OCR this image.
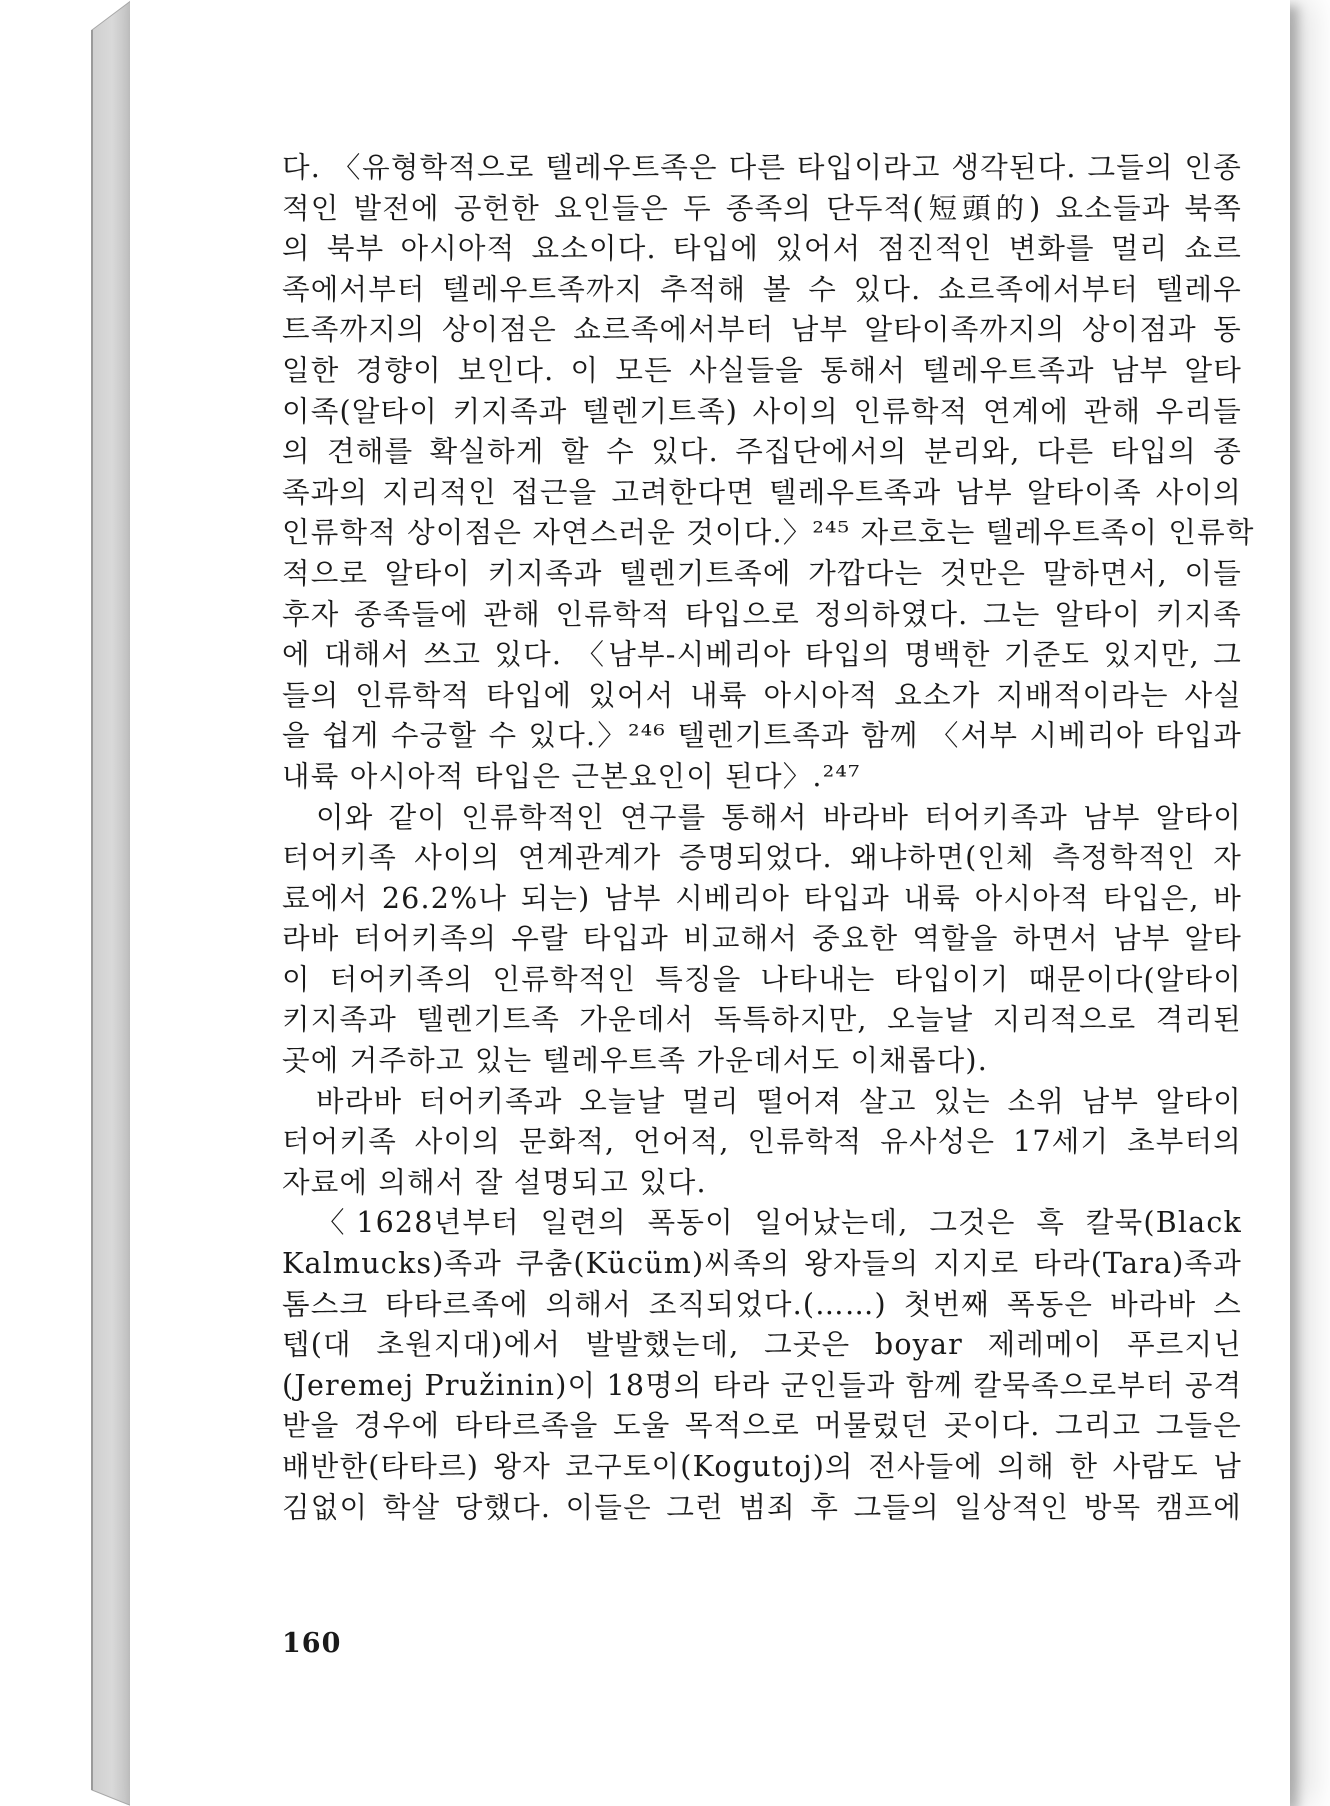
다. 〈유형학적으로 텔레우트족은 다른 타입이라고 생각된다. 그들의 인종
적인 발전에 공헌한 요인들은 두 종족의 단두적(短頭的) 요소들과 북쪽
의 북부 아시아적 요소이다. 타입에 있어서 점진적인 변화를 멀리 쇼르
족에서부터 텔레우트족까지 추적해 볼 수 있다. 쇼르족에서부터 텔레우
트족까지의 상이점은 쇼르족에서부터 남부 알타이족까지의 상이점과 동
일한 경향이 보인다. 이 모든 사실들을 통해서 텔레우트족과 남부 알타
이족(알타이 키지족과 텔렌기트족) 사이의 인류학적 연계에 관해 우리들
의 견해를 확실하게 할 수 있다. 주집단에서의 분리와, 다른 타입의 종
족과의 지리적인 접근을 고려한다면 텔레우트족과 남부 알타이족 사이의
인류학적 상이점은 자연스러운 것이다.〉²⁴⁵ 자르호는 텔레우트족이 인류학
적으로 알타이 키지족과 텔렌기트족에 가깝다는 것만은 말하면서, 이들
후자 종족들에 관해 인류학적 타입으로 정의하였다. 그는 알타이 키지족
에 대해서 쓰고 있다. 〈남부-시베리아 타입의 명백한 기준도 있지만, 그
들의 인류학적 타입에 있어서 내륙 아시아적 요소가 지배적이라는 사실
을 쉽게 수긍할 수 있다.〉²⁴⁶ 텔렌기트족과 함께 〈서부 시베리아 타입과
내륙 아시아적 타입은 근본요인이 된다〉.²⁴⁷
이와 같이 인류학적인 연구를 통해서 바라바 터어키족과 남부 알타이
터어키족 사이의 연계관계가 증명되었다. 왜냐하면(인체 측정학적인 자
료에서 26.2%나 되는) 남부 시베리아 타입과 내륙 아시아적 타입은, 바
라바 터어키족의 우랄 타입과 비교해서 중요한 역할을 하면서 남부 알타
이 터어키족의 인류학적인 특징을 나타내는 타입이기 때문이다(알타이
키지족과 텔렌기트족 가운데서 독특하지만, 오늘날 지리적으로 격리된
곳에 거주하고 있는 텔레우트족 가운데서도 이채롭다).
바라바 터어키족과 오늘날 멀리 떨어져 살고 있는 소위 남부 알타이
터어키족 사이의 문화적, 언어적, 인류학적 유사성은 17세기 초부터의
자료에 의해서 잘 설명되고 있다.
〈1628년부터 일련의 폭동이 일어났는데, 그것은 흑 칼묵(Black
Kalmucks)족과 쿠춤(Kücüm)씨족의 왕자들의 지지로 타라(Tara)족과
톰스크 타타르족에 의해서 조직되었다.(……) 첫번째 폭동은 바라바 스
텝(대 초원지대)에서 발발했는데, 그곳은 boyar 제레메이 푸르지닌
(Jeremej Pružinin)이 18명의 타라 군인들과 함께 칼묵족으로부터 공격
받을 경우에 타타르족을 도울 목적으로 머물렀던 곳이다. 그리고 그들은
배반한(타타르) 왕자 코구토이(Kogutoj)의 전사들에 의해 한 사람도 남
김없이 학살 당했다. 이들은 그런 범죄 후 그들의 일상적인 방목 캠프에
160
